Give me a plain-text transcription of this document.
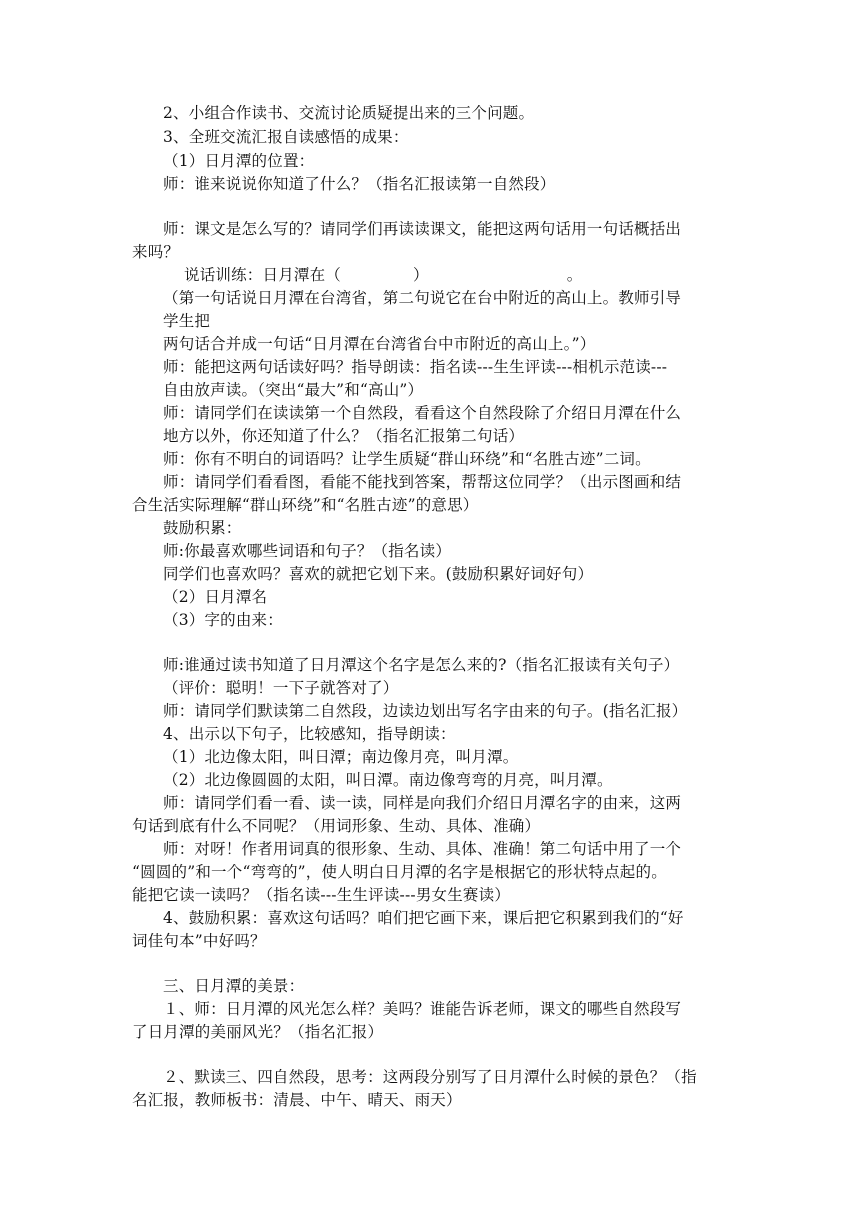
2、小组合作读书、交流讨论质疑提出来的三个问题。
3、全班交流汇报自读感悟的成果：
（1）日月潭的位置：
师：谁来说说你知道了什么？（指名汇报读第一自然段）
师：课文是怎么写的？请同学们再读读课文，能把这两句话用一句话概括出
来吗？
说话训练：日月潭在（	）	。
（第一句话说日月潭在台湾省，第二句说它在台中附近的高山上。教师引导
学生把
两句话合并成一句话“日月潭在台湾省台中市附近的高山上。”）
师：能把这两句话读好吗？指导朗读：指名读---生生评读---相机示范读---
自由放声读。（突出“最大”和“高山”）
师：请同学们在读读第一个自然段，看看这个自然段除了介绍日月潭在什么
地方以外，你还知道了什么？（指名汇报第二句话）
师：你有不明白的词语吗？让学生质疑“群山环绕”和“名胜古迹”二词。
师：请同学们看看图，看能不能找到答案，帮帮这位同学？（出示图画和结
合生活实际理解“群山环绕”和“名胜古迹”的意思）
鼓励积累：
师:你最喜欢哪些词语和句子？（指名读）
同学们也喜欢吗？喜欢的就把它划下来。(鼓励积累好词好句）
（2）日月潭名
（3）字的由来：
师:谁通过读书知道了日月潭这个名字是怎么来的?（指名汇报读有关句子）
（评价：聪明！一下子就答对了）
师：请同学们默读第二自然段，边读边划出写名字由来的句子。(指名汇报）
4、出示以下句子，比较感知，指导朗读：
（1）北边像太阳，叫日潭；南边像月亮，叫月潭。
（2）北边像圆圆的太阳，叫日潭。南边像弯弯的月亮，叫月潭。
师：请同学们看一看、读一读，同样是向我们介绍日月潭名字的由来，这两
句话到底有什么不同呢？（用词形象、生动、具体、准确）
师：对呀！作者用词真的很形象、生动、具体、准确！第二句话中用了一个
“圆圆的”和一个“弯弯的”，使人明白日月潭的名字是根据它的形状特点起的。
能把它读一读吗？（指名读---生生评读---男女生赛读）
4、鼓励积累：喜欢这句话吗？咱们把它画下来，课后把它积累到我们的“好
词佳句本”中好吗？
三、日月潭的美景：
１、师：日月潭的风光怎么样？美吗？谁能告诉老师，课文的哪些自然段写
了日月潭的美丽风光？（指名汇报）
２、默读三、四自然段，思考：这两段分别写了日月潭什么时候的景色？（指
名汇报，教师板书：清晨、中午、晴天、雨天）
